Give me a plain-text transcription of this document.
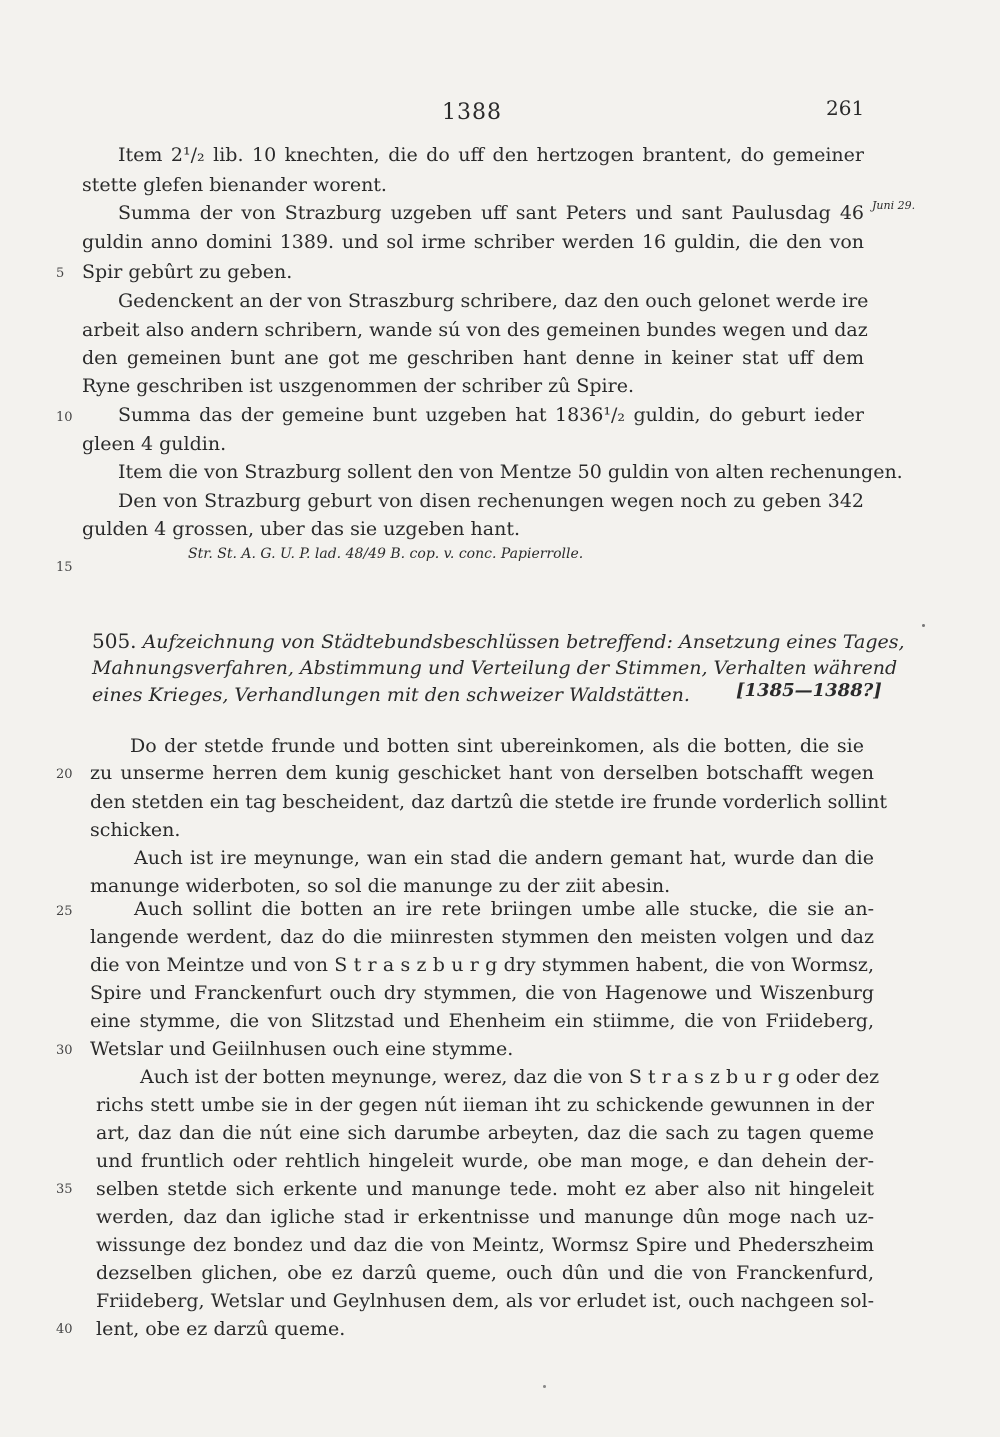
1388	261
Item 2¹/₂ lib. 10 knechten, die do uff den hertzogen brantent, do gemeiner
stette glefen bienander worent.
Summa der von Strazburg uzgeben uff sant Peters und sant Paulusdag 46 Juni 29.
guldin anno domini 1389. und sol irme schriber werden 16 guldin, die den von
5 Spir gebûrt zu geben.
Gedenckent an der von Straszburg schribere, daz den ouch gelonet werde ire
arbeit also andern schribern, wande sú von des gemeinen bundes wegen und daz
den gemeinen bunt ane got me geschriben hant denne in keiner stat uff dem
Ryne geschriben ist uszgenommen der schriber zû Spire.
10 Summa das der gemeine bunt uzgeben hat 1836¹/₂ guldin, do geburt ieder
gleen 4 guldin.
Item die von Strazburg sollent den von Mentze 50 guldin von alten rechenungen.
Den von Strazburg geburt von disen rechenungen wegen noch zu geben 342
gulden 4 grossen, uber das sie uzgeben hant.
15
Str. St. A. G. U. P. lad. 48/49 B. cop. v. conc. Papierrolle.
505. Aufzeichnung von Städtebundsbeschlüssen betreffend: Ansetzung eines Tages,
Mahnungsverfahren, Abstimmung und Verteilung der Stimmen, Verhalten während
eines Krieges, Verhandlungen mit den schweizer Waldstätten.	[1385—1388?]
Do der stetde frunde und botten sint ubereinkomen, als die botten, die sie
20 zu unserme herren dem kunig geschicket hant von derselben botschafft wegen
den stetden ein tag bescheident, daz dartzû die stetde ire frunde vorderlich sollint
schicken.
Auch ist ire meynunge, wan ein stad die andern gemant hat, wurde dan die
manunge widerboten, so sol die manunge zu der ziit abesin.
25	Auch sollint die botten an ire rete briingen umbe alle stucke, die sie an-
langende werdent, daz do die miinresten stymmen den meisten volgen und daz
die von Meintze und von S t r a s z b u r g dry stymmen habent, die von Wormsz,
Spire und Franckenfurt ouch dry stymmen, die von Hagenowe und Wiszenburg
eine stymme, die von Slitzstad und Ehenheim ein stiimme, die von Friideberg,
30 Wetslar und Geiilnhusen ouch eine stymme.
Auch ist der botten meynunge, werez, daz die von S t r a s z b u r g oder dez
richs stett umbe sie in der gegen nút iieman iht zu schickende gewunnen in der
art, daz dan die nút eine sich darumbe arbeyten, daz die sach zu tagen queme
und fruntlich oder rehtlich hingeleit wurde, obe man moge, e dan dehein der-
35 selben stetde sich erkente und manunge tede. moht ez aber also nit hingeleit
werden, daz dan igliche stad ir erkentnisse und manunge dûn moge nach uz-
wissunge dez bondez und daz die von Meintz, Wormsz Spire und Phederszheim
dezselben glichen, obe ez darzû queme, ouch dûn und die von Franckenfurd,
Friideberg, Wetslar und Geylnhusen dem, als vor erludet ist, ouch nachgeen sol-
40 lent, obe ez darzû queme.
